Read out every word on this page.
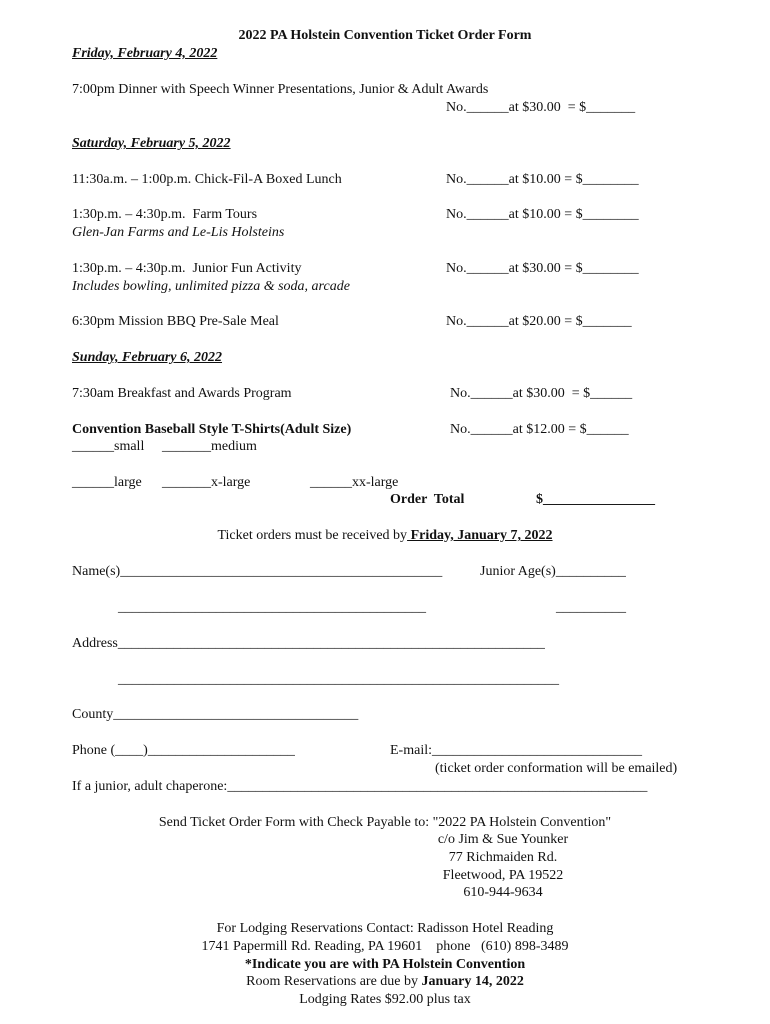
2022 PA Holstein Convention Ticket Order Form
Friday, February 4, 2022
7:00pm Dinner with Speech Winner Presentations, Junior & Adult Awards
No.______at $30.00  = $_______
Saturday, February 5, 2022
11:30a.m. – 1:00p.m. Chick-Fil-A Boxed Lunch	No.______at $10.00 = $________
1:30p.m. – 4:30p.m.  Farm Tours	No.______at $10.00 = $________
Glen-Jan Farms and Le-Lis Holsteins
1:30p.m. – 4:30p.m.  Junior Fun Activity	No.______at $30.00 = $________
Includes bowling, unlimited pizza & soda, arcade
6:30pm Mission BBQ Pre-Sale Meal	No.______at $20.00 = $_______
Sunday, February 6, 2022
7:30am Breakfast and Awards Program	No.______at $30.00  = $______
Convention Baseball Style T-Shirts(Adult Size)	No.______at $12.00 = $______
______small _______medium
______large _______x-large	______xx-large
Order  Total	$________________
Ticket orders must be received by Friday, January 7, 2022
Name(s)______________________________________________	Junior Age(s)__________
____________________________________________	__________
Address_____________________________________________________________
_______________________________________________________________
County___________________________________
Phone (____)_____________________	E-mail:______________________________
(ticket order conformation will be emailed)
If a junior, adult chaperone:____________________________________________________________
Send Ticket Order Form with Check Payable to: "2022 PA Holstein Convention"
c/o Jim & Sue Younker
77 Richmaiden Rd.
Fleetwood, PA 19522
610-944-9634
For Lodging Reservations Contact: Radisson Hotel Reading
1741 Papermill Rd. Reading, PA 19601    phone   (610) 898-3489
*Indicate you are with PA Holstein Convention
Room Reservations are due by January 14, 2022
Lodging Rates $92.00 plus tax
